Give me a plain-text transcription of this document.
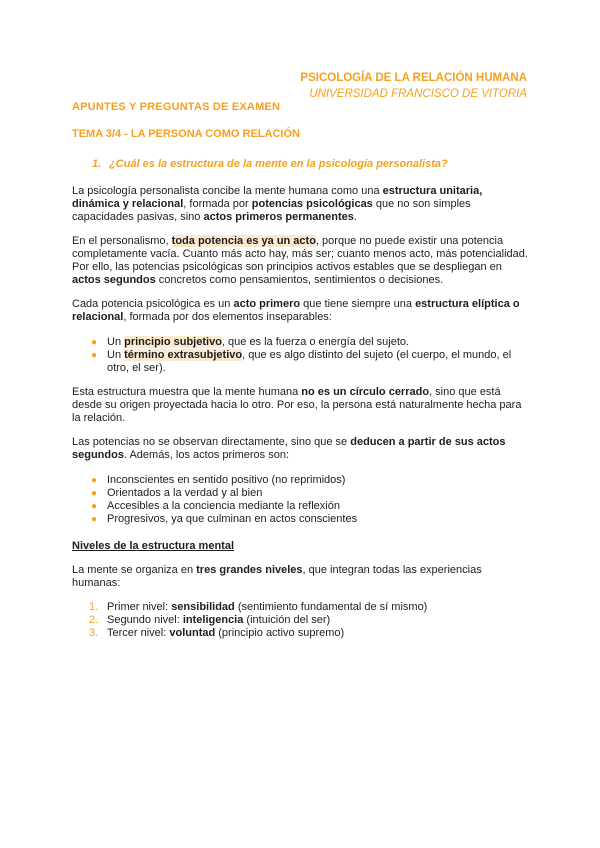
PSICOLOGÍA DE LA RELACIÓN HUMANA
UNIVERSIDAD FRANCISCO DE VITORIA
APUNTES Y PREGUNTAS DE EXAMEN
TEMA 3/4 - LA PERSONA COMO RELACIÓN
1. ¿Cuál es la estructura de la mente en la psicología personalista?

La psicología personalista concibe la mente humana como una estructura unitaria, dinámica y relacional, formada por potencias psicológicas que no son simples capacidades pasivas, sino actos primeros permanentes.

En el personalismo, toda potencia es ya un acto, porque no puede existir una potencia completamente vacía. Cuanto más acto hay, más ser; cuanto menos acto, más potencialidad. Por ello, las potencias psicológicas son principios activos estables que se despliegan en actos segundos concretos como pensamientos, sentimientos o decisiones.

Cada potencia psicológica es un acto primero que tiene siempre una estructura elíptica o relacional, formada por dos elementos inseparables:

● Un principio subjetivo, que es la fuerza o energía del sujeto.
● Un término extrasubjetivo, que es algo distinto del sujeto (el cuerpo, el mundo, el otro, el ser).

Esta estructura muestra que la mente humana no es un círculo cerrado, sino que está desde su origen proyectada hacia lo otro. Por eso, la persona está naturalmente hecha para la relación.

Las potencias no se observan directamente, sino que se deducen a partir de sus actos segundos. Además, los actos primeros son:

● Inconscientes en sentido positivo (no reprimidos)
● Orientados a la verdad y al bien
● Accesibles a la conciencia mediante la reflexión
● Progresivos, ya que culminan en actos conscientes
Niveles de la estructura mental

La mente se organiza en tres grandes niveles, que integran todas las experiencias humanas:

1. Primer nivel: sensibilidad (sentimiento fundamental de sí mismo)
2. Segundo nivel: inteligencia (intuición del ser)
3. Tercer nivel: voluntad (principio activo supremo)
